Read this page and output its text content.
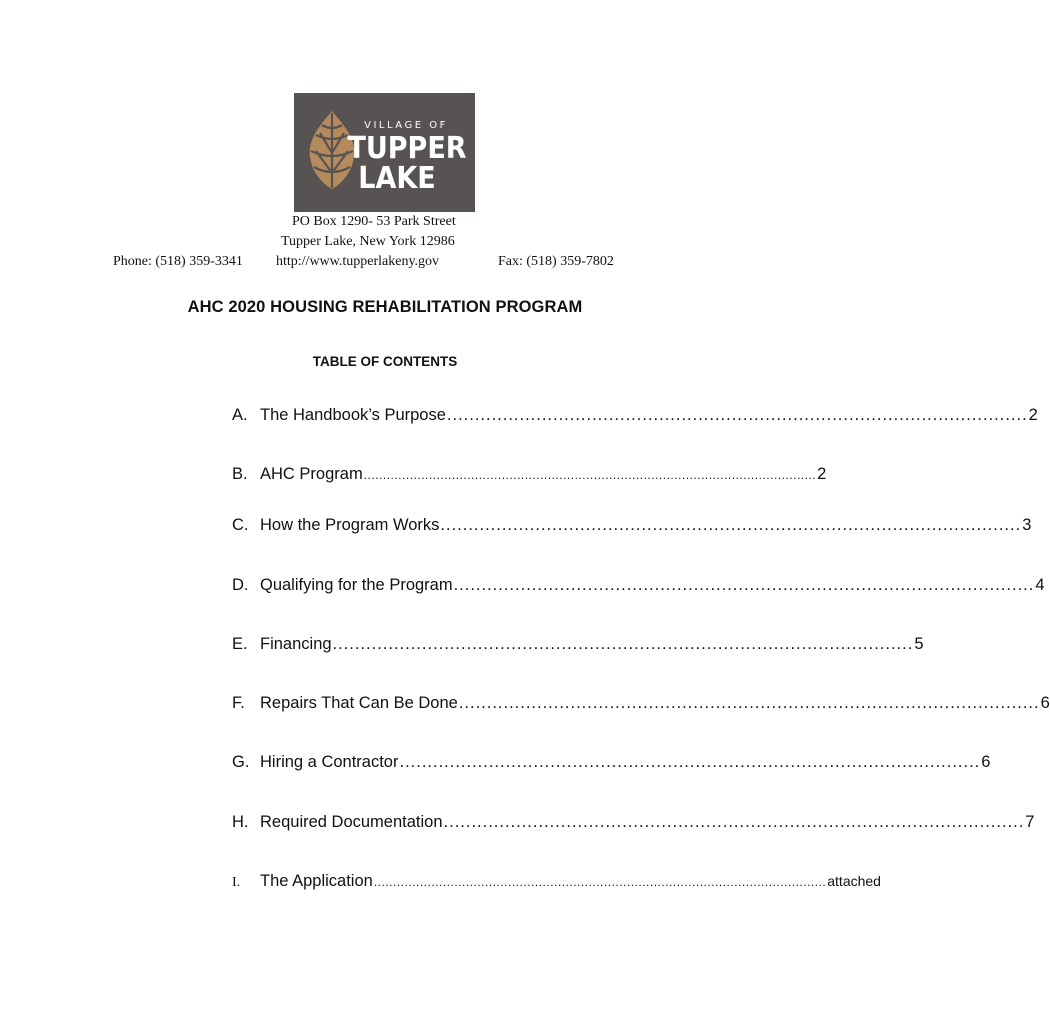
VILLAGE OF
TUPPER
LAKE
PO Box 1290- 53 Park Street
Tupper Lake, New York 12986
Phone: (518) 359-3341 http://www.tupperlakeny.gov	Fax: (518) 359-7802
AHC 2020 HOUSING REHABILITATION PROGRAM
TABLE OF CONTENTS
A. The Handbook’s Purpose ........................................................................................................ 2
B. AHC Program ...................................................................................................................... 2
C. How the Program Works ........................................................................................................ 3
D. Qualifying for the Program ........................................................................................................ 4
E. Financing ........................................................................................................ 5
F. Repairs That Can Be Done ........................................................................................................ 6
G. Hiring a Contractor ........................................................................................................ 6
H. Required Documentation ........................................................................................................ 7
I.	The Application ...................................................................................................................... attached
